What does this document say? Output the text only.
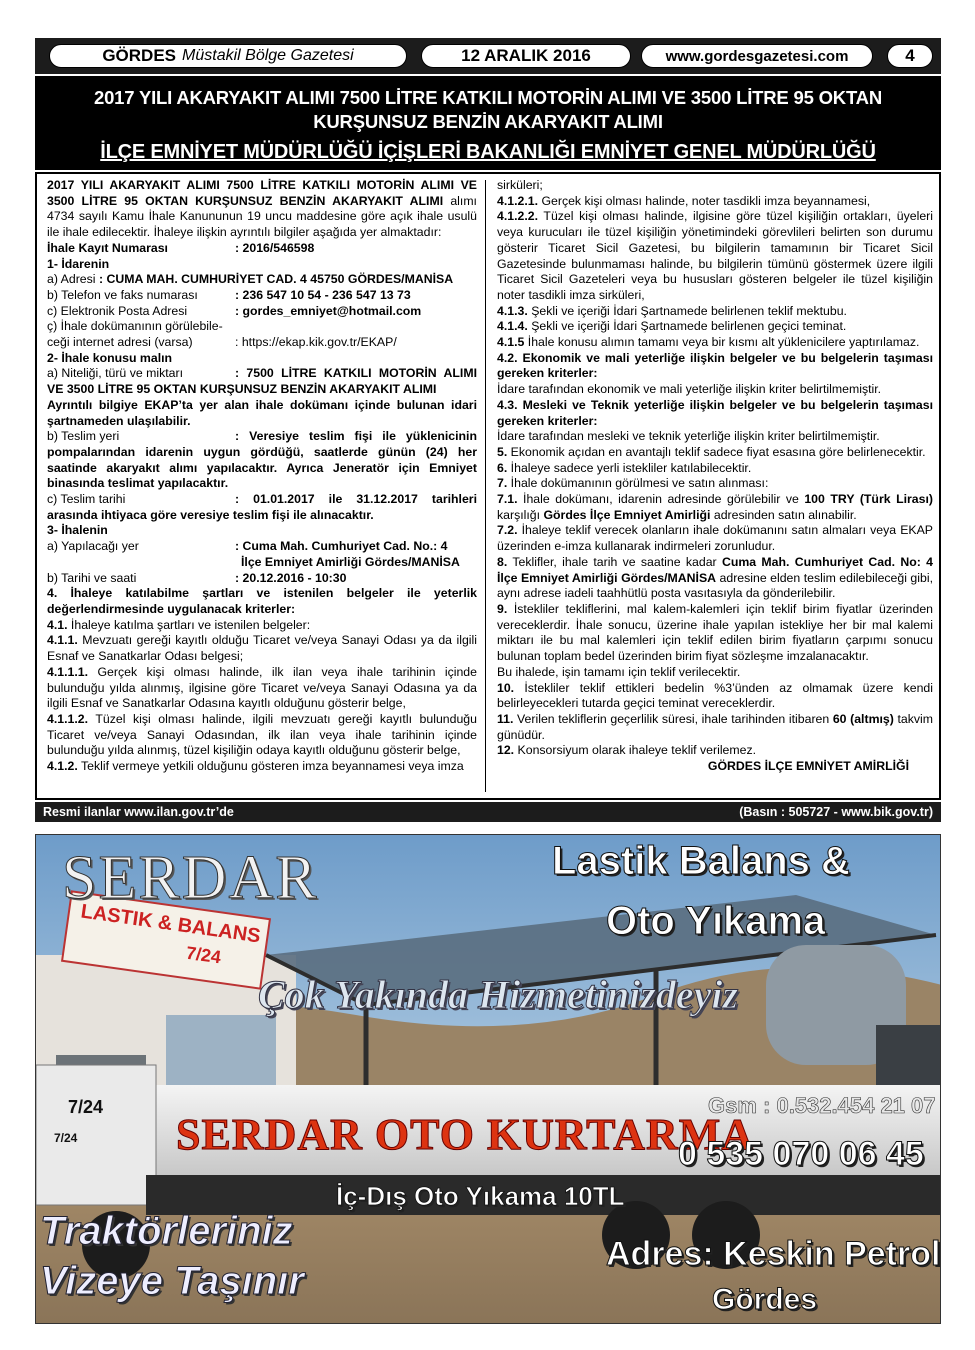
GÖRDES Müstakil Bölge Gazetesi	12 ARALIK 2016	www.gordesgazetesi.com	4
2017 YILI AKARYAKIT ALIMI 7500 LİTRE KATKILI MOTORİN ALIMI VE 3500 LİTRE 95 OKTAN
KURŞUNSUZ BENZİN AKARYAKIT ALIMI
İLÇE EMNİYET MÜDÜRLÜĞÜ İÇİŞLERİ BAKANLIĞI EMNİYET GENEL MÜDÜRLÜĞÜ

2017 YILI AKARYAKIT ALIMI 7500 LİTRE KATKILI MOTORİN ALIMI VE 3500 LİTRE 95 OKTAN KURŞUNSUZ BENZİN AKARYAKIT ALIMI alımı 4734 sayılı Kamu İhale Kanununun 19 uncu maddesine göre açık ihale usulü ile ihale edilecektir. İhaleye ilişkin ayrıntılı bilgiler aşağıda yer almaktadır:

İhale Kayıt Numarası	: 2016/546598

1- İdarenin

a) Adresi : CUMA MAH. CUMHURİYET CAD. 4 45750 GÖRDES/MANİSA

b) Telefon ve faks numarası	: 236 547 10 54 - 236 547 13 73
c) Elektronik Posta Adresi	: gordes_emniyet@hotmail.com

ç) İhale dokümanının görülebile-

ceği internet adresi (varsa)	: https://ekap.kik.gov.tr/EKAP/

2- İhale konusu malın

a) Niteliği, türü ve miktarı	: 7500 LİTRE KATKILI MOTORİN ALIMI VE 3500 LİTRE 95 OKTAN KURŞUNSUZ BENZİN AKARYAKIT ALIMI

Ayrıntılı bilgiye EKAP’ta yer alan ihale dokümanı içinde bulunan idari şartnameden ulaşılabilir.

b) Teslim yeri	: Veresiye teslim fişi ile yüklenicinin pompalarından idarenin uygun gördüğü, saatlerde günün (24) her saatinde akaryakıt alımı yapılacaktır. Ayrıca Jeneratör için Emniyet binasında teslimat yapılacaktır.

c) Teslim tarihi	: 01.01.2017 ile 31.12.2017 tarihleri arasında ihtiyaca göre veresiye teslim fişi ile alınacaktır.

3- İhalenin

a) Yapılacağı yer	: Cuma Mah. Cumhuriyet Cad. No.: 4
İlçe Emniyet Amirliği Gördes/MANİSA
b) Tarihi ve saati	: 20.12.2016 - 10:30

4. İhaleye katılabilme şartları ve istenilen belgeler ile yeterlik değerlendirmesinde uygulanacak kriterler:

4.1. İhaleye katılma şartları ve istenilen belgeler:

4.1.1. Mevzuatı gereği kayıtlı olduğu Ticaret ve/veya Sanayi Odası ya da ilgili Esnaf ve Sanatkarlar Odası belgesi;

4.1.1.1. Gerçek kişi olması halinde, ilk ilan veya ihale tarihinin içinde bulunduğu yılda alınmış, ilgisine göre Ticaret ve/veya Sanayi Odasına ya da ilgili Esnaf ve Sanatkarlar Odasına kayıtlı olduğunu gösterir belge,

4.1.1.2. Tüzel kişi olması halinde, ilgili mevzuatı gereği kayıtlı bulunduğu Ticaret ve/veya Sanayi Odasından, ilk ilan veya ihale tarihinin içinde bulunduğu yılda alınmış, tüzel kişiliğin odaya kayıtlı olduğunu gösterir belge,

4.1.2. Teklif vermeye yetkili olduğunu gösteren imza beyannamesi veya imza

sirküleri;

4.1.2.1. Gerçek kişi olması halinde, noter tasdikli imza beyannamesi,

4.1.2.2. Tüzel kişi olması halinde, ilgisine göre tüzel kişiliğin ortakları, üyeleri veya kurucuları ile tüzel kişiliğin yönetimindeki görevlileri belirten son durumu gösterir Ticaret Sicil Gazetesi, bu bilgilerin tamamının bir Ticaret Sicil Gazetesinde bulunmaması halinde, bu bilgilerin tümünü göstermek üzere ilgili Ticaret Sicil Gazeteleri veya bu hususları gösteren belgeler ile tüzel kişiliğin noter tasdikli imza sirküleri,

4.1.3. Şekli ve içeriği İdari Şartnamede belirlenen teklif mektubu.

4.1.4. Şekli ve içeriği İdari Şartnamede belirlenen geçici teminat.

4.1.5 İhale konusu alımın tamamı veya bir kısmı alt yüklenicilere yaptırılamaz.

4.2. Ekonomik ve mali yeterliğe ilişkin belgeler ve bu belgelerin taşıması gereken kriterler:

İdare tarafından ekonomik ve mali yeterliğe ilişkin kriter belirtilmemiştir.

4.3. Mesleki ve Teknik yeterliğe ilişkin belgeler ve bu belgelerin taşıması gereken kriterler:

İdare tarafından mesleki ve teknik yeterliğe ilişkin kriter belirtilmemiştir.

5. Ekonomik açıdan en avantajlı teklif sadece fiyat esasına göre belirlenecektir.

6. İhaleye sadece yerli istekliler katılabilecektir.

7. İhale dokümanının görülmesi ve satın alınması:

7.1. İhale dokümanı, idarenin adresinde görülebilir ve 100 TRY (Türk Lirası) karşılığı Gördes İlçe Emniyet Amirliği adresinden satın alınabilir.

7.2. İhaleye teklif verecek olanların ihale dokümanını satın almaları veya EKAP üzerinden e-imza kullanarak indirmeleri zorunludur.

8. Teklifler, ihale tarih ve saatine kadar Cuma Mah. Cumhuriyet Cad. No: 4 İlçe Emniyet Amirliği Gördes/MANİSA adresine elden teslim edilebileceği gibi, aynı adrese iadeli taahhütlü posta vasıtasıyla da gönderilebilir.

9. İstekliler tekliflerini, mal kalem-kalemleri için teklif birim fiyatlar üzerinden vereceklerdir. İhale sonucu, üzerine ihale yapılan istekliye her bir mal kalemi miktarı ile bu mal kalemleri için teklif edilen birim fiyatların çarpımı sonucu bulunan toplam bedel üzerinden birim fiyat sözleşme imzalanacaktır.

Bu ihalede, işin tamamı için teklif verilecektir.

10. İstekliler teklif ettikleri bedelin %3’ünden az olmamak üzere kendi belirleyecekleri tutarda geçici teminat vereceklerdir.

11. Verilen tekliflerin geçerlilik süresi, ihale tarihinden itibaren 60 (altmış) takvim günüdür.

12. Konsorsiyum olarak ihaleye teklif verilemez.

GÖRDES İLÇE EMNİYET AMİRLİĞİ

Resmi ilanlar www.ilan.gov.tr’de	(Basın : 505727 - www.bik.gov.tr)
LASTIK & BALANS
7/24
7/24
7/24 SERDAR OTO KURTARMA
Gsm : 0.532.454 21 07
SERDAR	Lastik Balans &
Oto Yıkama
Çok Yakında Hizmetinizdeyiz
0 535 070 06 45
İç-Dış Oto Yıkama 10TL
Traktörleriniz
Vizeye Taşınır
Adres: Keskin Petrol
Gördes
